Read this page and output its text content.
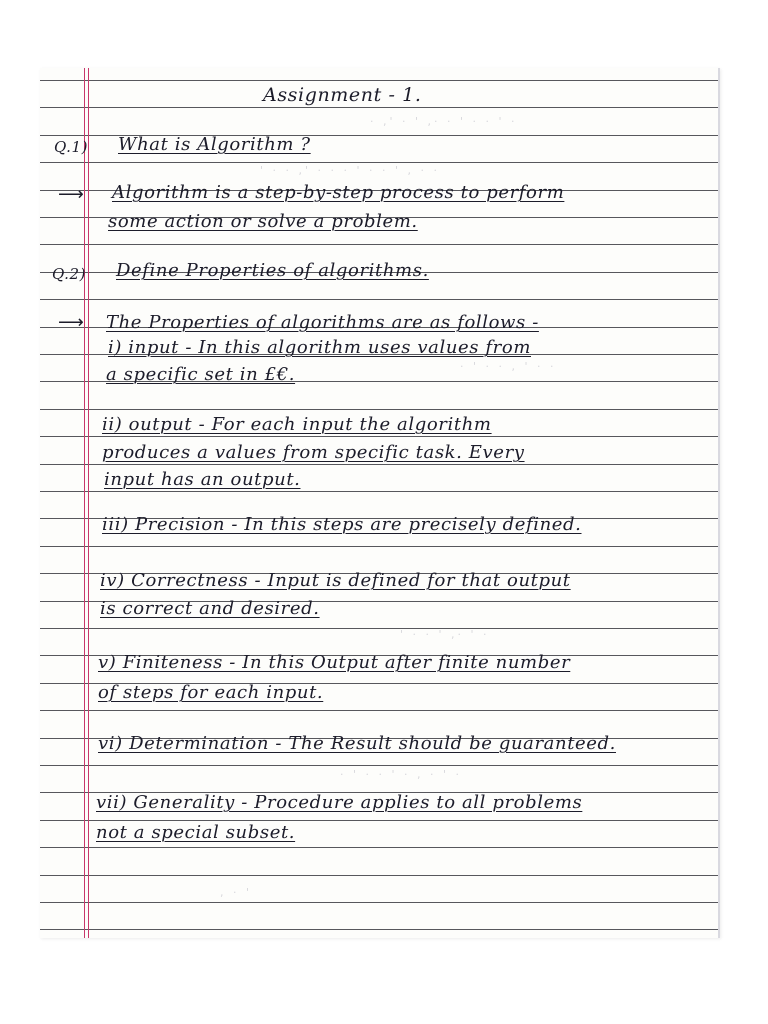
· ,' · ' ,· · ' · · ' ·
' · · ,' · · · ' · · ' , · ·
· ' · · , ' · ·
' · · ' ,· ' ·
· ' · · ' · , · ' ·
, · '
Assignment - 1.
Q.1) What is Algorithm ?
⟶ Algorithm is a step-by-step process to perform
some action or solve a problem.
Q.2) Define Properties of algorithms.
⟶ The Properties of algorithms are as follows -
i) input - In this algorithm uses values from
a specific set in £€.
ii) output - For each input the algorithm
produces a values from specific task. Every
input has an output.
iii) Precision - In this steps are precisely defined.
iv) Correctness - Input is defined for that output
is correct and desired.
v) Finiteness - In this Output after finite number
of steps for each input.
vi) Determination - The Result should be guaranteed.
vii) Generality - Procedure applies to all problems
not a special subset.
